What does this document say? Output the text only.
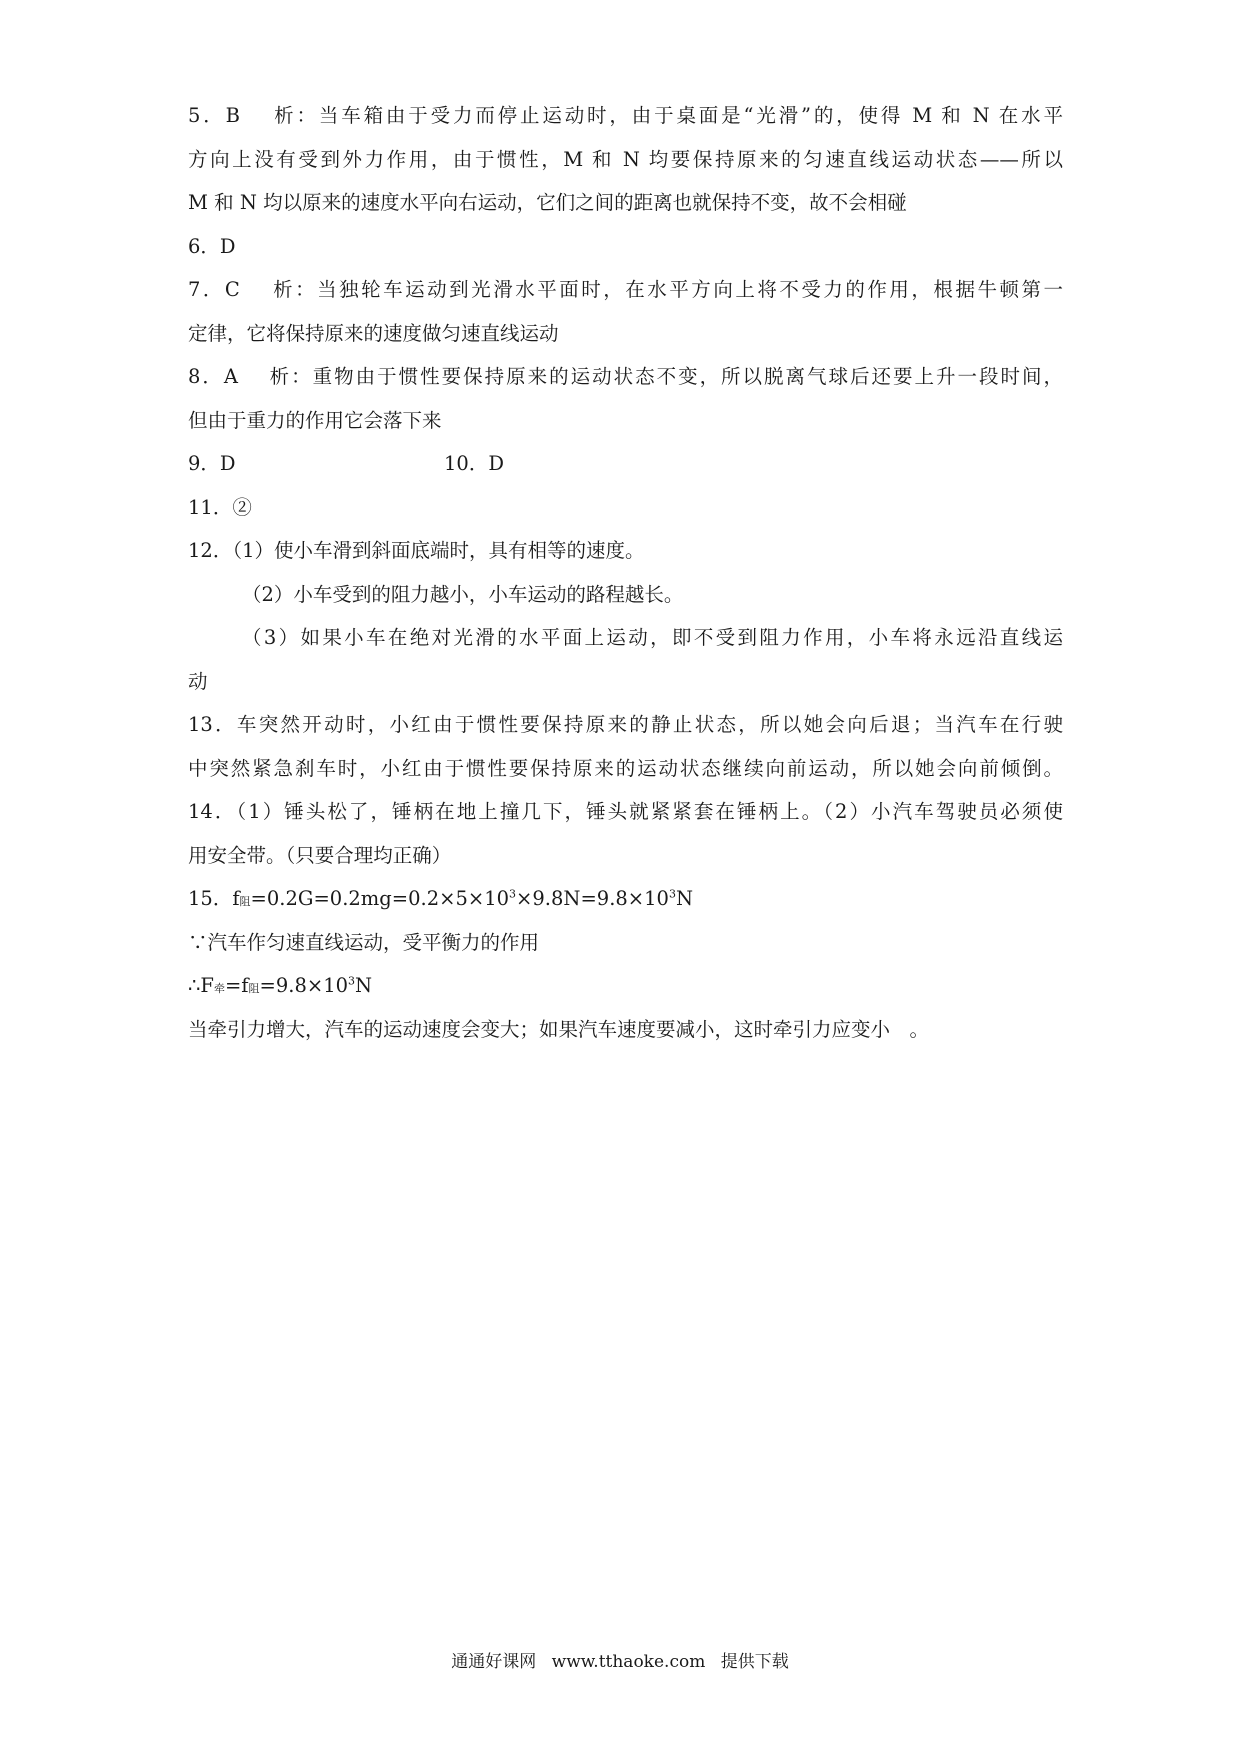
5．B　 析：当车箱由于受力而停止运动时，由于桌面是“光滑”的，使得 M 和 N 在水平
方向上没有受到外力作用，由于惯性，M 和 N 均要保持原来的匀速直线运动状态——所以
M 和 N 均以原来的速度水平向右运动，它们之间的距离也就保持不变，故不会相碰
6．D
7．C　 析：当独轮车运动到光滑水平面时，在水平方向上将不受力的作用，根据牛顿第一
定律，它将保持原来的速度做匀速直线运动
8．A　 析：重物由于惯性要保持原来的运动状态不变，所以脱离气球后还要上升一段时间，
但由于重力的作用它会落下来
9．D	10．D
11．②
12．（1）使小车滑到斜面底端时，具有相等的速度。
（2）小车受到的阻力越小，小车运动的路程越长。
（3）如果小车在绝对光滑的水平面上运动，即不受到阻力作用，小车将永远沿直线运
动
13．车突然开动时，小红由于惯性要保持原来的静止状态，所以她会向后退；当汽车在行驶
中突然紧急刹车时，小红由于惯性要保持原来的运动状态继续向前运动，所以她会向前倾倒。
14．（1）锤头松了，锤柄在地上撞几下，锤头就紧紧套在锤柄上。（2）小汽车驾驶员必须使
用安全带。（只要合理均正确）
15．f阻$=0.2G=0.2mg=0.2\times 5\times 10^3\times 9.8N=9.8\times 10^3N$
∵汽车作匀速直线运动，受平衡力的作用
∴F牵=f阻$=9.8\times 10^3N$
当牵引力增大，汽车的运动速度会变大；如果汽车速度要减小，这时牵引力应变小　。
通通好课网 www.tthaoke.com 提供下载
